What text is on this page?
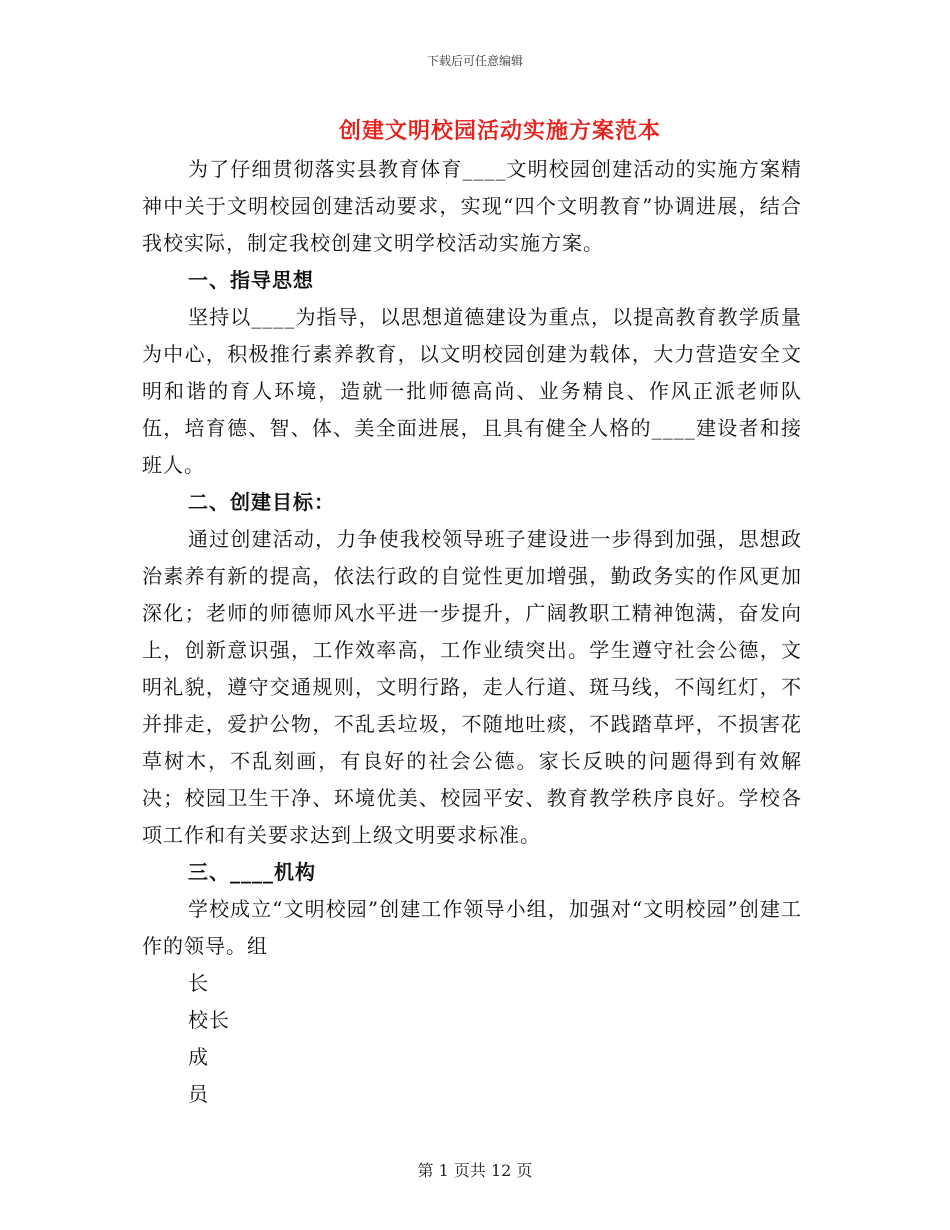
下载后可任意编辑
创建文明校园活动实施方案范本

为了仔细贯彻落实县教育体育____文明校园创建活动的实施方案精神中关于文明校园创建活动要求，实现“四个文明教育”协调进展，结合我校实际，制定我校创建文明学校活动实施方案。

一、指导思想

坚持以____为指导，以思想道德建设为重点，以提高教育教学质量为中心，积极推行素养教育，以文明校园创建为载体，大力营造安全文明和谐的育人环境，造就一批师德高尚、业务精良、作风正派老师队伍，培育德、智、体、美全面进展，且具有健全人格的____建设者和接班人。

二、创建目标：

通过创建活动，力争使我校领导班子建设进一步得到加强，思想政治素养有新的提高，依法行政的自觉性更加增强，勤政务实的作风更加深化；老师的师德师风水平进一步提升，广阔教职工精神饱满，奋发向上，创新意识强，工作效率高，工作业绩突出。学生遵守社会公德，文明礼貌，遵守交通规则，文明行路，走人行道、斑马线，不闯红灯，不并排走，爱护公物，不乱丢垃圾，不随地吐痰，不践踏草坪，不损害花草树木，不乱刻画，有良好的社会公德。家长反映的问题得到有效解决；校园卫生干净、环境优美、校园平安、教育教学秩序良好。学校各项工作和有关要求达到上级文明要求标准。

三、____机构

学校成立“文明校园”创建工作领导小组，加强对“文明校园”创建工作的领导。组

长

校长

成

员

第 1 页共 12 页
